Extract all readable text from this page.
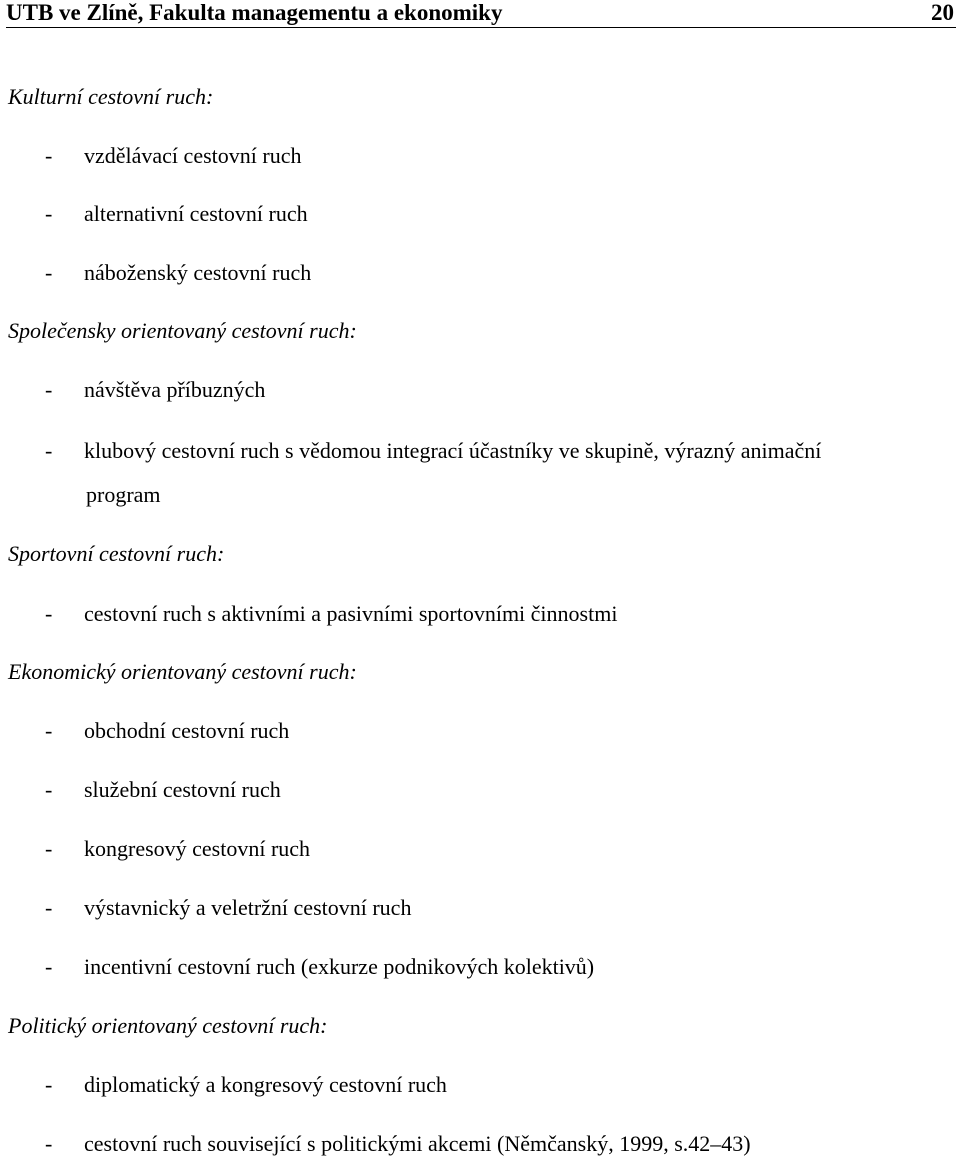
UTB ve Zlíně, Fakulta managementu a ekonomiky	20
Kulturní cestovní ruch:
- vzdělávací cestovní ruch
- alternativní cestovní ruch
- náboženský cestovní ruch
Společensky orientovaný cestovní ruch:
- návštěva příbuzných
- klubový cestovní ruch s vědomou integrací účastníky ve skupině, výrazný animační
program
Sportovní cestovní ruch:
- cestovní ruch s aktivními a pasivními sportovními činnostmi
Ekonomický orientovaný cestovní ruch:
- obchodní cestovní ruch
- služební cestovní ruch
- kongresový cestovní ruch
- výstavnický a veletržní cestovní ruch
- incentivní cestovní ruch (exkurze podnikových kolektivů)
Politický orientovaný cestovní ruch:
- diplomatický a kongresový cestovní ruch
- cestovní ruch související s politickými akcemi (Němčanský, 1999, s.42–43)
